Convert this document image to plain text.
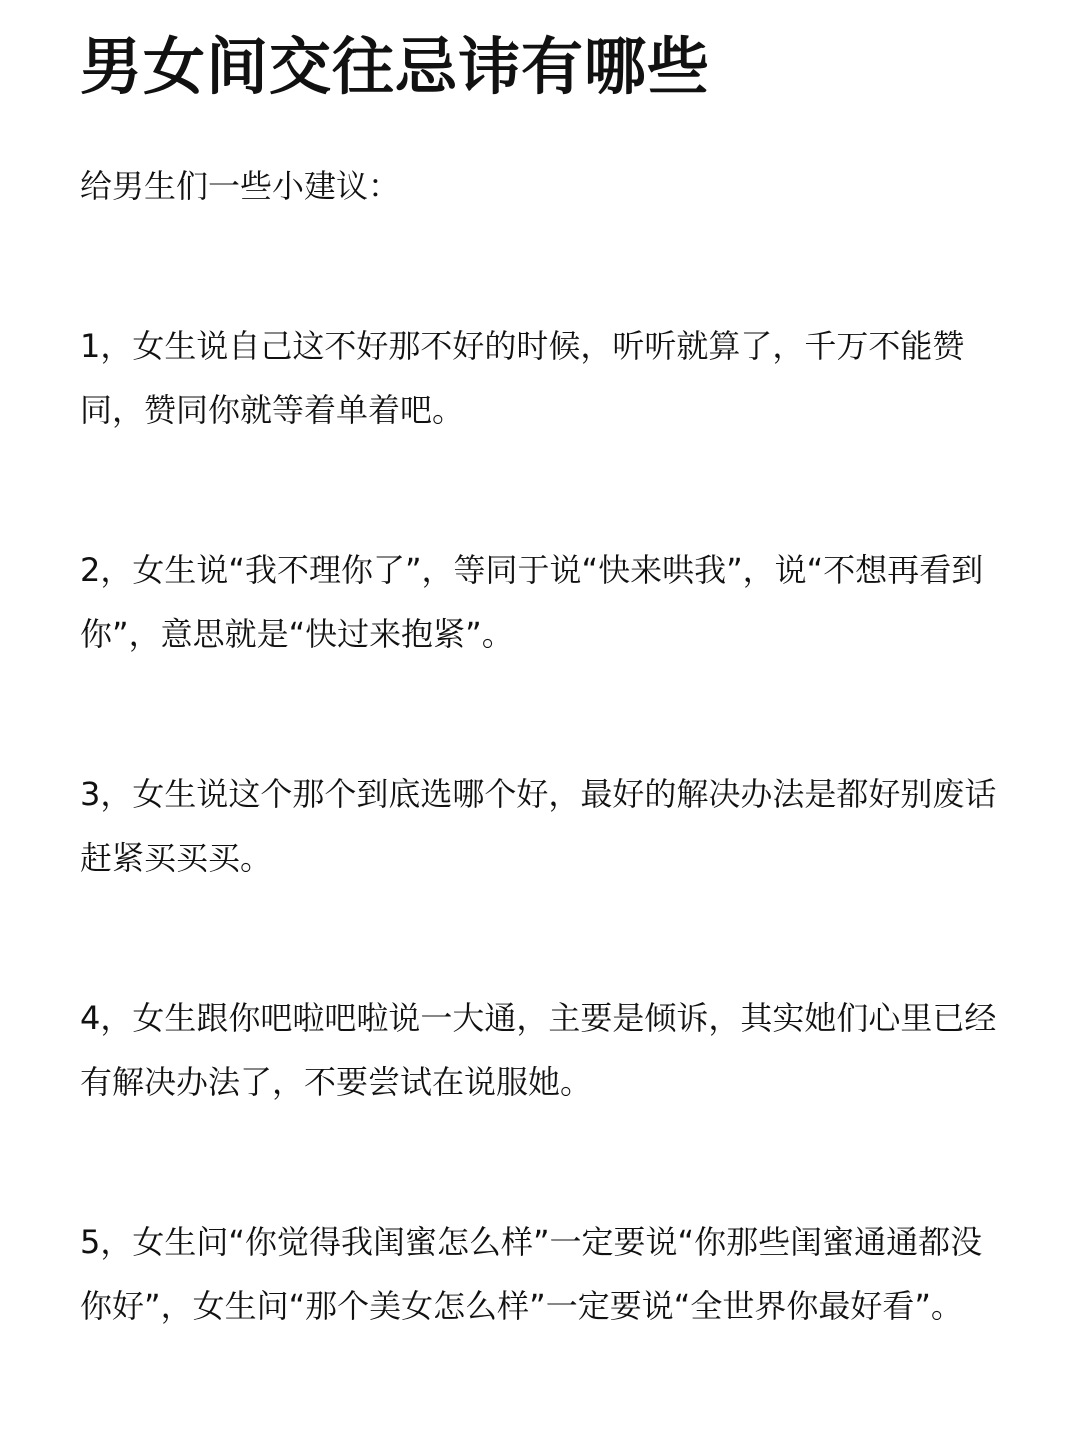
男女间交往忌讳有哪些

给男生们一些小建议：

1，女生说自己这不好那不好的时候，听听就算了，千万不能赞同，赞同你就等着单着吧。

2，女生说“我不理你了”，等同于说“快来哄我”，说“不想再看到你”，意思就是“快过来抱紧”。

3，女生说这个那个到底选哪个好，最好的解决办法是都好别废话赶紧买买买。

4，女生跟你吧啦吧啦说一大通，主要是倾诉，其实她们心里已经有解决办法了，不要尝试在说服她。

5，女生问“你觉得我闺蜜怎么样”一定要说“你那些闺蜜通通都没你好”，女生问“那个美女怎么样”一定要说“全世界你最好看”。
